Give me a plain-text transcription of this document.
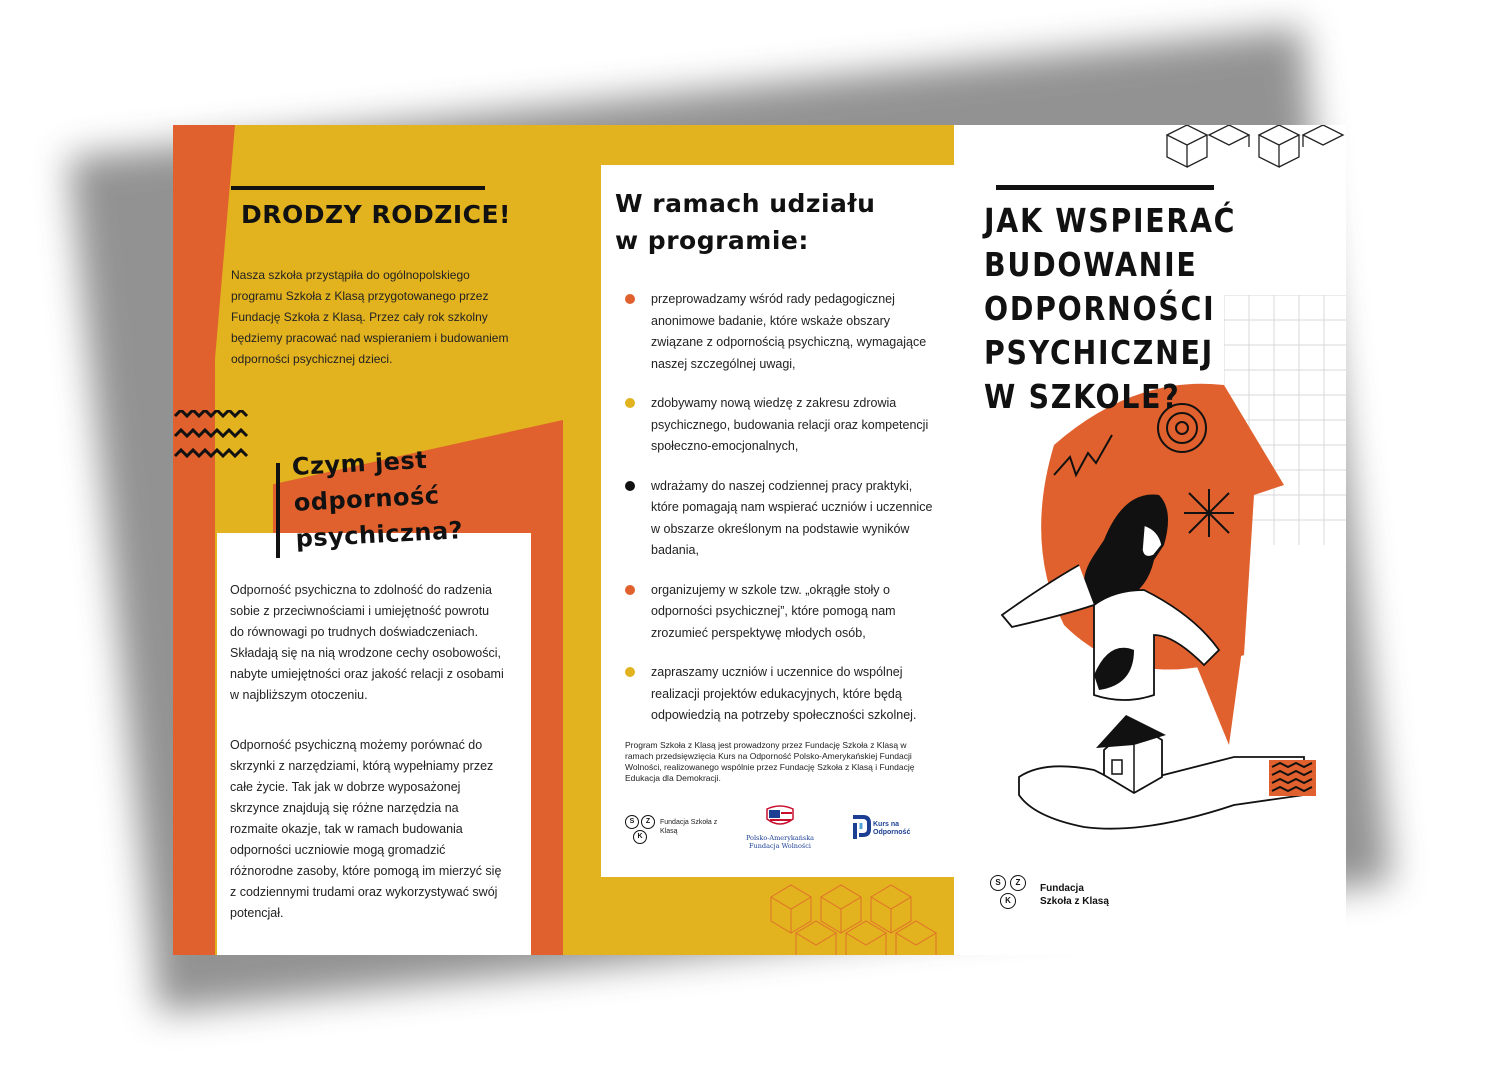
DRODZY RODZICE!
Nasza szkoła przystąpiła do ogólnopolskiego programu Szkoła z Klasą przygotowanego przez Fundację Szkoła z Klasą. Przez cały rok szkolny będziemy pracować nad wspieraniem i budowaniem odporności psychicznej dzieci.
Czym jest
odporność
psychiczna?
Odporność psychiczna to zdolność do radzenia sobie z przeciwnościami i umiejętność powrotu do równowagi po trudnych doświadczeniach. Składają się na nią wrodzone cechy osobowości, nabyte umiejętności oraz jakość relacji z osobami w najbliższym otoczeniu.
Odporność psychiczną możemy porównać do skrzynki z narzędziami, którą wypełniamy przez całe życie. Tak jak w dobrze wyposażonej skrzynce znajdują się różne narzędzia na rozmaite okazje, tak w ramach budowania odporności uczniowie mogą gromadzić różnorodne zasoby, które pomogą im mierzyć się z codziennymi trudami oraz wykorzystywać swój potencjał.
W ramach udziału
w programie:
przeprowadzamy wśród rady pedagogicznej anonimowe badanie, które wskaże obszary związane z odpornością psychiczną, wymagające naszej szczególnej uwagi,
zdobywamy nową wiedzę z zakresu zdrowia psychicznego, budowania relacji oraz kompetencji społeczno-emocjonalnych,
wdrażamy do naszej codziennej pracy praktyki, które pomagają nam wspierać uczniów i uczennice w obszarze określonym na podstawie wyników badania,
organizujemy w szkole tzw. „okrągłe stoły o odporności psychicznej”, które pomogą nam zrozumieć perspektywę młodych osób,
zapraszamy uczniów i uczennice do wspólnej realizacji projektów edukacyjnych, które będą odpowiedzią na potrzeby społeczności szkolnej.
Program Szkoła z Klasą jest prowadzony przez Fundację Szkoła z Klasą w ramach przedsięwzięcia Kurs na Odporność Polsko-Amerykańskiej Fundacji Wolności, realizowanego wspólnie przez Fundację Szkoła z Klasą i Fundację Edukacja dla Demokracji.
S	Z
K
Fundacja Szkoła z Klasą
Polsko-Amerykańska
Fundacja Wolności
Kurs na
Odporność
JAK WSPIERAĆ
BUDOWANIE
ODPORNOŚCI
PSYCHICZNEJ
W SZKOLE?
S	Z
K
Fundacja
Szkoła z Klasą
